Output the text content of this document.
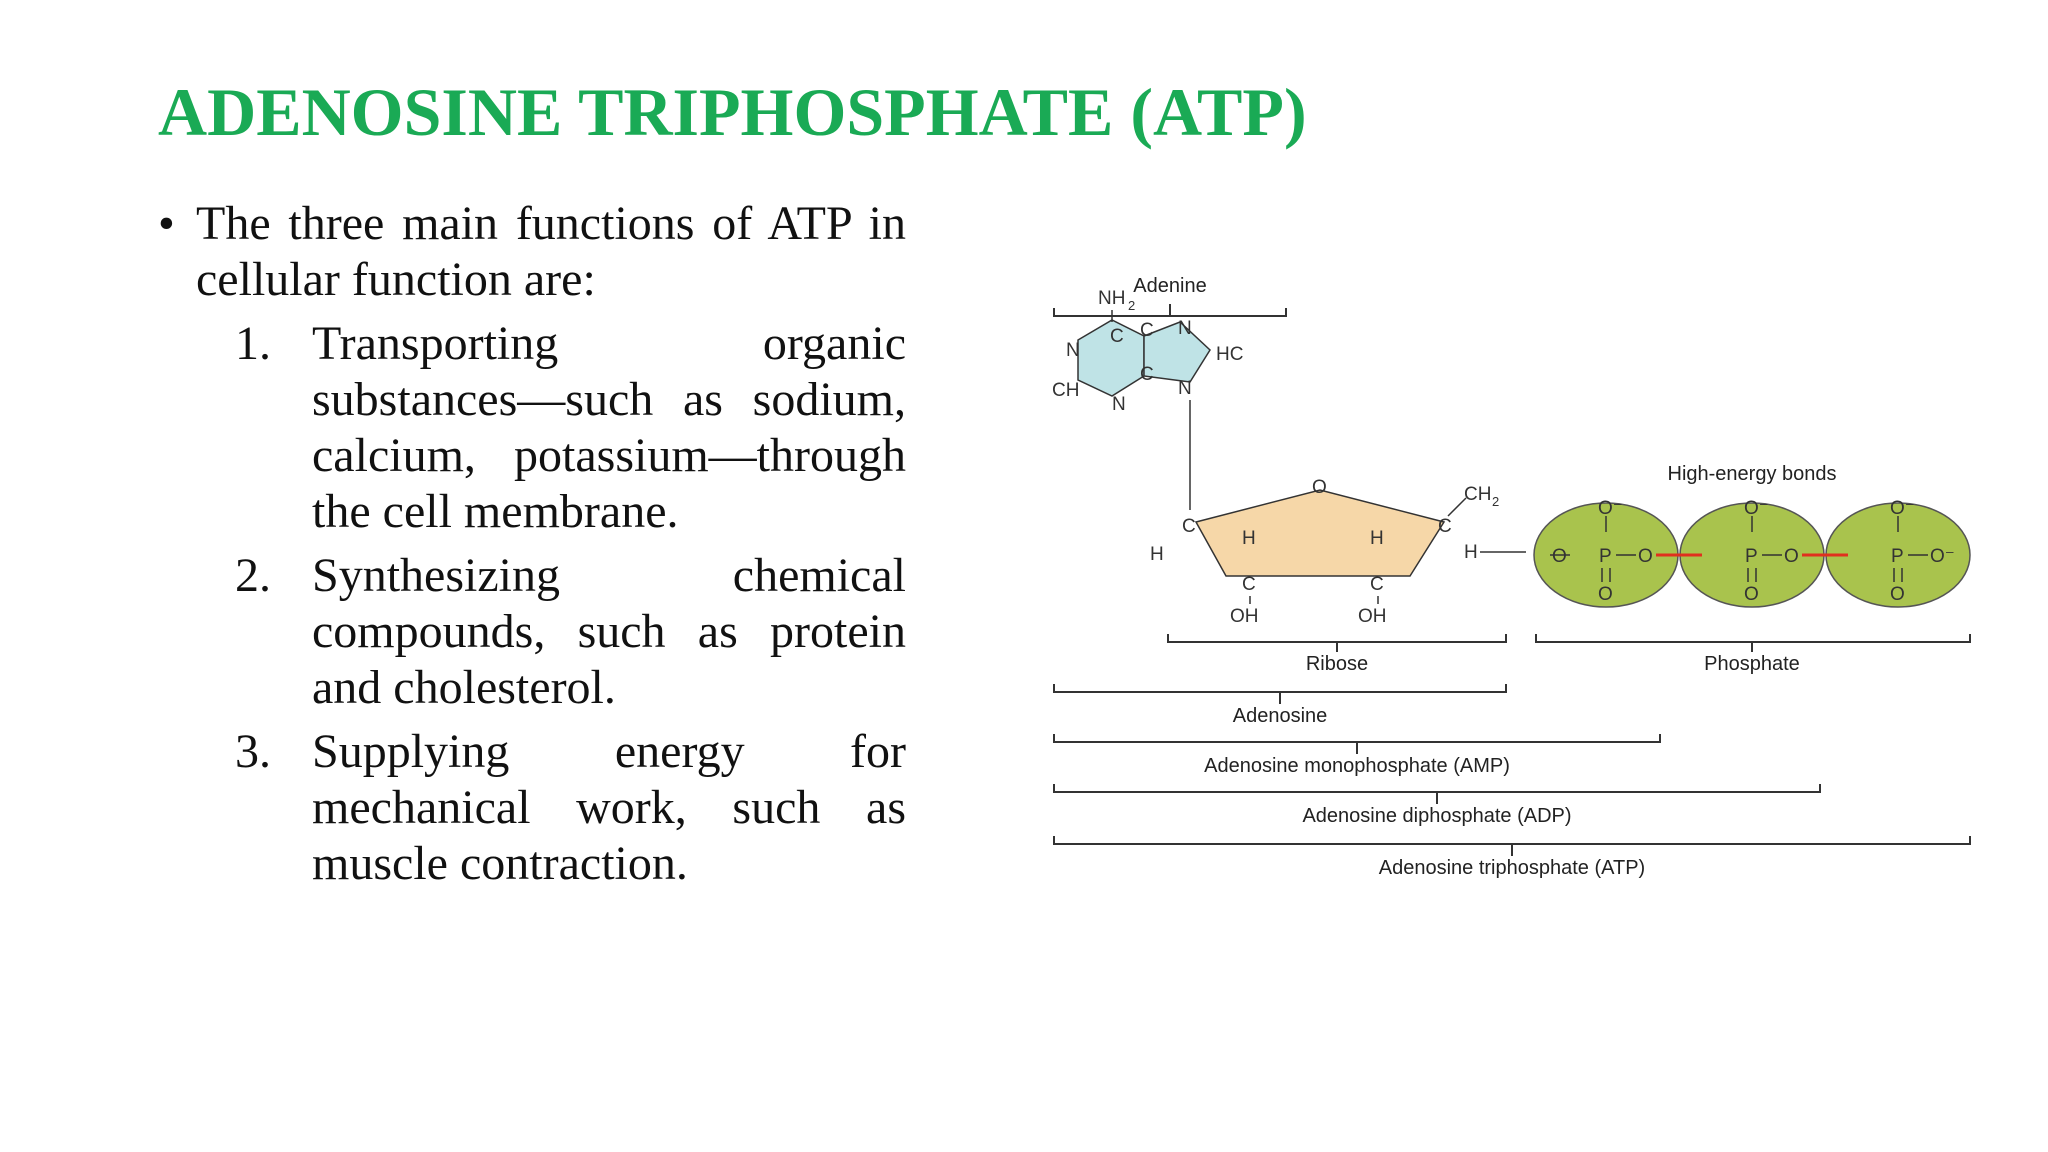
ADENOSINE TRIPHOSPHATE (ATP)
• The three main functions of ATP in cellular function are:
1. Transporting organic substances—such as sodium, calcium, potassium—through the cell membrane.
2. Synthesizing chemical compounds, such as protein and cholesterol.
3. Supplying energy for mechanical work, such as muscle contraction.
Adenine
C C
C
N
N
N
N
CH
HC
NH 2
O
C	C
H	H
C	C
H	H
OH	OH
CH 2
O P O
O⁻
O
P O
O⁻
O
P O⁻
O⁻
O
High-energy bonds
Ribose	Phosphate
Adenosine
Adenosine monophosphate (AMP)
Adenosine diphosphate (ADP)
Adenosine triphosphate (ATP)
